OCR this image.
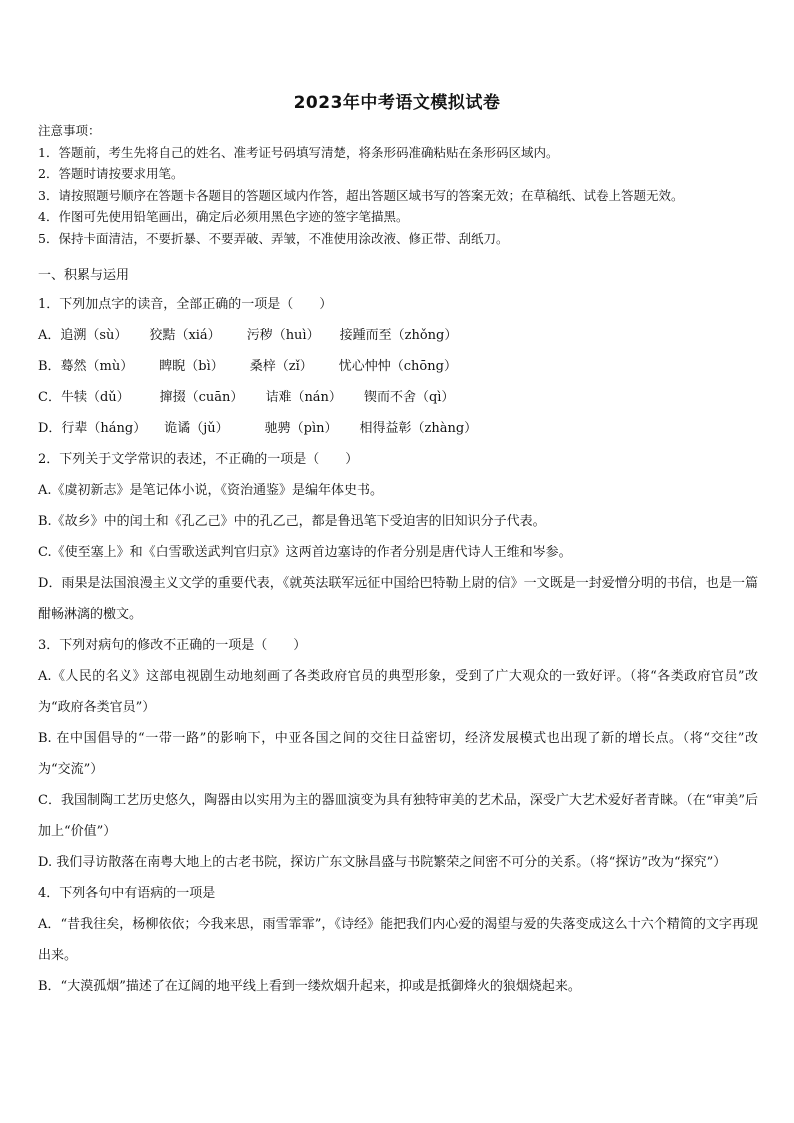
2023年中考语文模拟试卷
注意事项：
1．答题前，考生先将自己的姓名、准考证号码填写清楚，将条形码准确粘贴在条形码区域内。
2．答题时请按要求用笔。
3．请按照题号顺序在答题卡各题目的答题区域内作答，超出答题区域书写的答案无效；在草稿纸、试卷上答题无效。
4．作图可先使用铅笔画出，确定后必须用黑色字迹的签字笔描黑。
5．保持卡面清洁，不要折暴、不要弄破、弄皱，不准使用涂改液、修正带、刮纸刀。
一、积累与运用
1．下列加点字的读音，全部正确的一项是（　　）
A．追溯（sù） 狡黠（xiá） 污秽（huì） 接踵而至（zhǒng）
B．蓦然（mù） 睥睨（bì） 桑梓（zǐ） 忧心忡忡（chōng）
C．牛犊（dǔ） 撺掇（cuān） 诘难（nán） 锲而不舍（qì）
D．行辈（háng） 诡谲（jǔ）	驰骋（pìn） 相得益彰（zhàng）
2．下列关于文学常识的表述，不正确的一项是（　　）
A.《虞初新志》是笔记体小说，《资治通鉴》是编年体史书。
B.《故乡》中的闰土和《孔乙己》中的孔乙己，都是鲁迅笔下受迫害的旧知识分子代表。
C.《使至塞上》和《白雪歌送武判官归京》这两首边塞诗的作者分别是唐代诗人王维和岑参。
D．雨果是法国浪漫主义文学的重要代表，《就英法联军远征中国给巴特勒上尉的信》一文既是一封爱憎分明的书信，也是一篇酣畅淋漓的檄文。
3．下列对病句的修改不正确的一项是（　　）
A.《人民的名义》这部电视剧生动地刻画了各类政府官员的典型形象，受到了广大观众的一致好评。（将“各类政府官员”改为“政府各类官员”）
B. 在中国倡导的“一带一路”的影响下，中亚各国之间的交往日益密切，经济发展模式也出现了新的增长点。（将“交往”改为“交流”）
C．我国制陶工艺历史悠久，陶器由以实用为主的器皿演变为具有独特审美的艺术品，深受广大艺术爱好者青睐。（在“审美”后加上“价值”）
D. 我们寻访散落在南粤大地上的古老书院，探访广东文脉昌盛与书院繁荣之间密不可分的关系。（将“探访”改为“探究”）
4．下列各句中有语病的一项是
A．“昔我往矣，杨柳依依；今我来思，雨雪霏霏”，《诗经》能把我们内心爱的渴望与爱的失落变成这么十六个精简的文字再现出来。
B．“大漠孤烟”描述了在辽阔的地平线上看到一缕炊烟升起来，抑或是抵御烽火的狼烟烧起来。
